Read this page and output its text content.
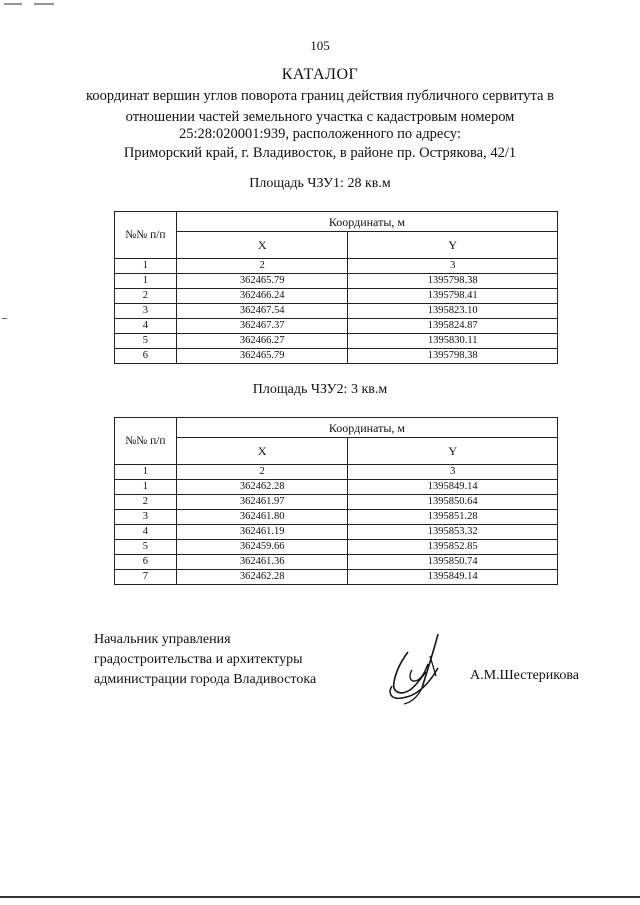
105
КАТАЛОГ
координат вершин углов поворота границ действия публичного сервитута в
отношении частей земельного участка с кадастровым номером
25:28:020001:939, расположенного по адресу:
Приморский край, г. Владивосток, в районе пр. Острякова, 42/1
Площадь ЧЗУ1: 28 кв.м
№№ п/п	Координаты, м	
	X	Y
1	2	3
1	362465.79	1395798.38
2	362466.24	1395798.41
3	362467.54	1395823.10
4	362467.37	1395824.87
5	362466.27	1395830.11
6	362465.79	1395798.38
Площадь ЧЗУ2: 3 кв.м
№№ п/п	Координаты, м	
	X	Y
1	2	3
1	362462.28	1395849.14
2	362461.97	1395850.64
3	362461.80	1395851.28
4	362461.19	1395853.32
5	362459.66	1395852.85
6	362461.36	1395850.74
7	362462.28	1395849.14
Начальник управления
градостроительства и архитектуры
администрации города Владивостока	А.М.Шестерикова
